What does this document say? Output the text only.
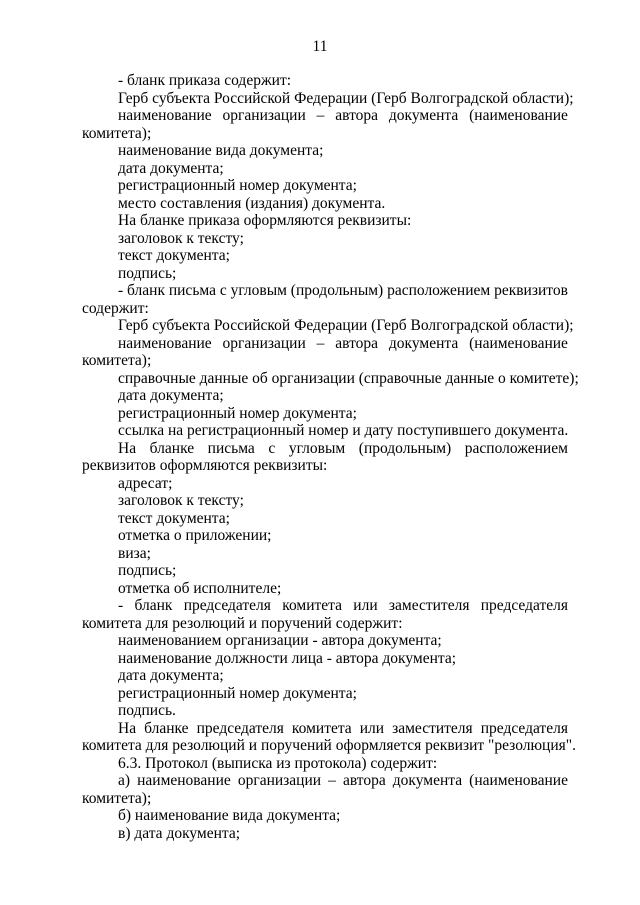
11
- бланк приказа содержит:
Герб субъекта Российской Федерации (Герб Волгоградской области);
наименование организации – автора документа (наименование
комитета);
наименование вида документа;
дата документа;
регистрационный номер документа;
место составления (издания) документа.
На бланке приказа оформляются реквизиты:
заголовок к тексту;
текст документа;
подпись;
- бланк письма с угловым (продольным) расположением реквизитов
содержит:
Герб субъекта Российской Федерации (Герб Волгоградской области);
наименование организации – автора документа (наименование
комитета);
справочные данные об организации (справочные данные о комитете);
дата документа;
регистрационный номер документа;
ссылка на регистрационный номер и дату поступившего документа.
На бланке письма с угловым (продольным) расположением
реквизитов оформляются реквизиты:
адресат;
заголовок к тексту;
текст документа;
отметка о приложении;
виза;
подпись;
отметка об исполнителе;
- бланк председателя комитета или заместителя председателя
комитета для резолюций и поручений содержит:
наименованием организации - автора документа;
наименование должности лица - автора документа;
дата документа;
регистрационный номер документа;
подпись.
На бланке председателя комитета или заместителя председателя
комитета для резолюций и поручений оформляется реквизит "резолюция".
6.3. Протокол (выписка из протокола) содержит:
а) наименование организации – автора документа (наименование
комитета);
б) наименование вида документа;
в) дата документа;
